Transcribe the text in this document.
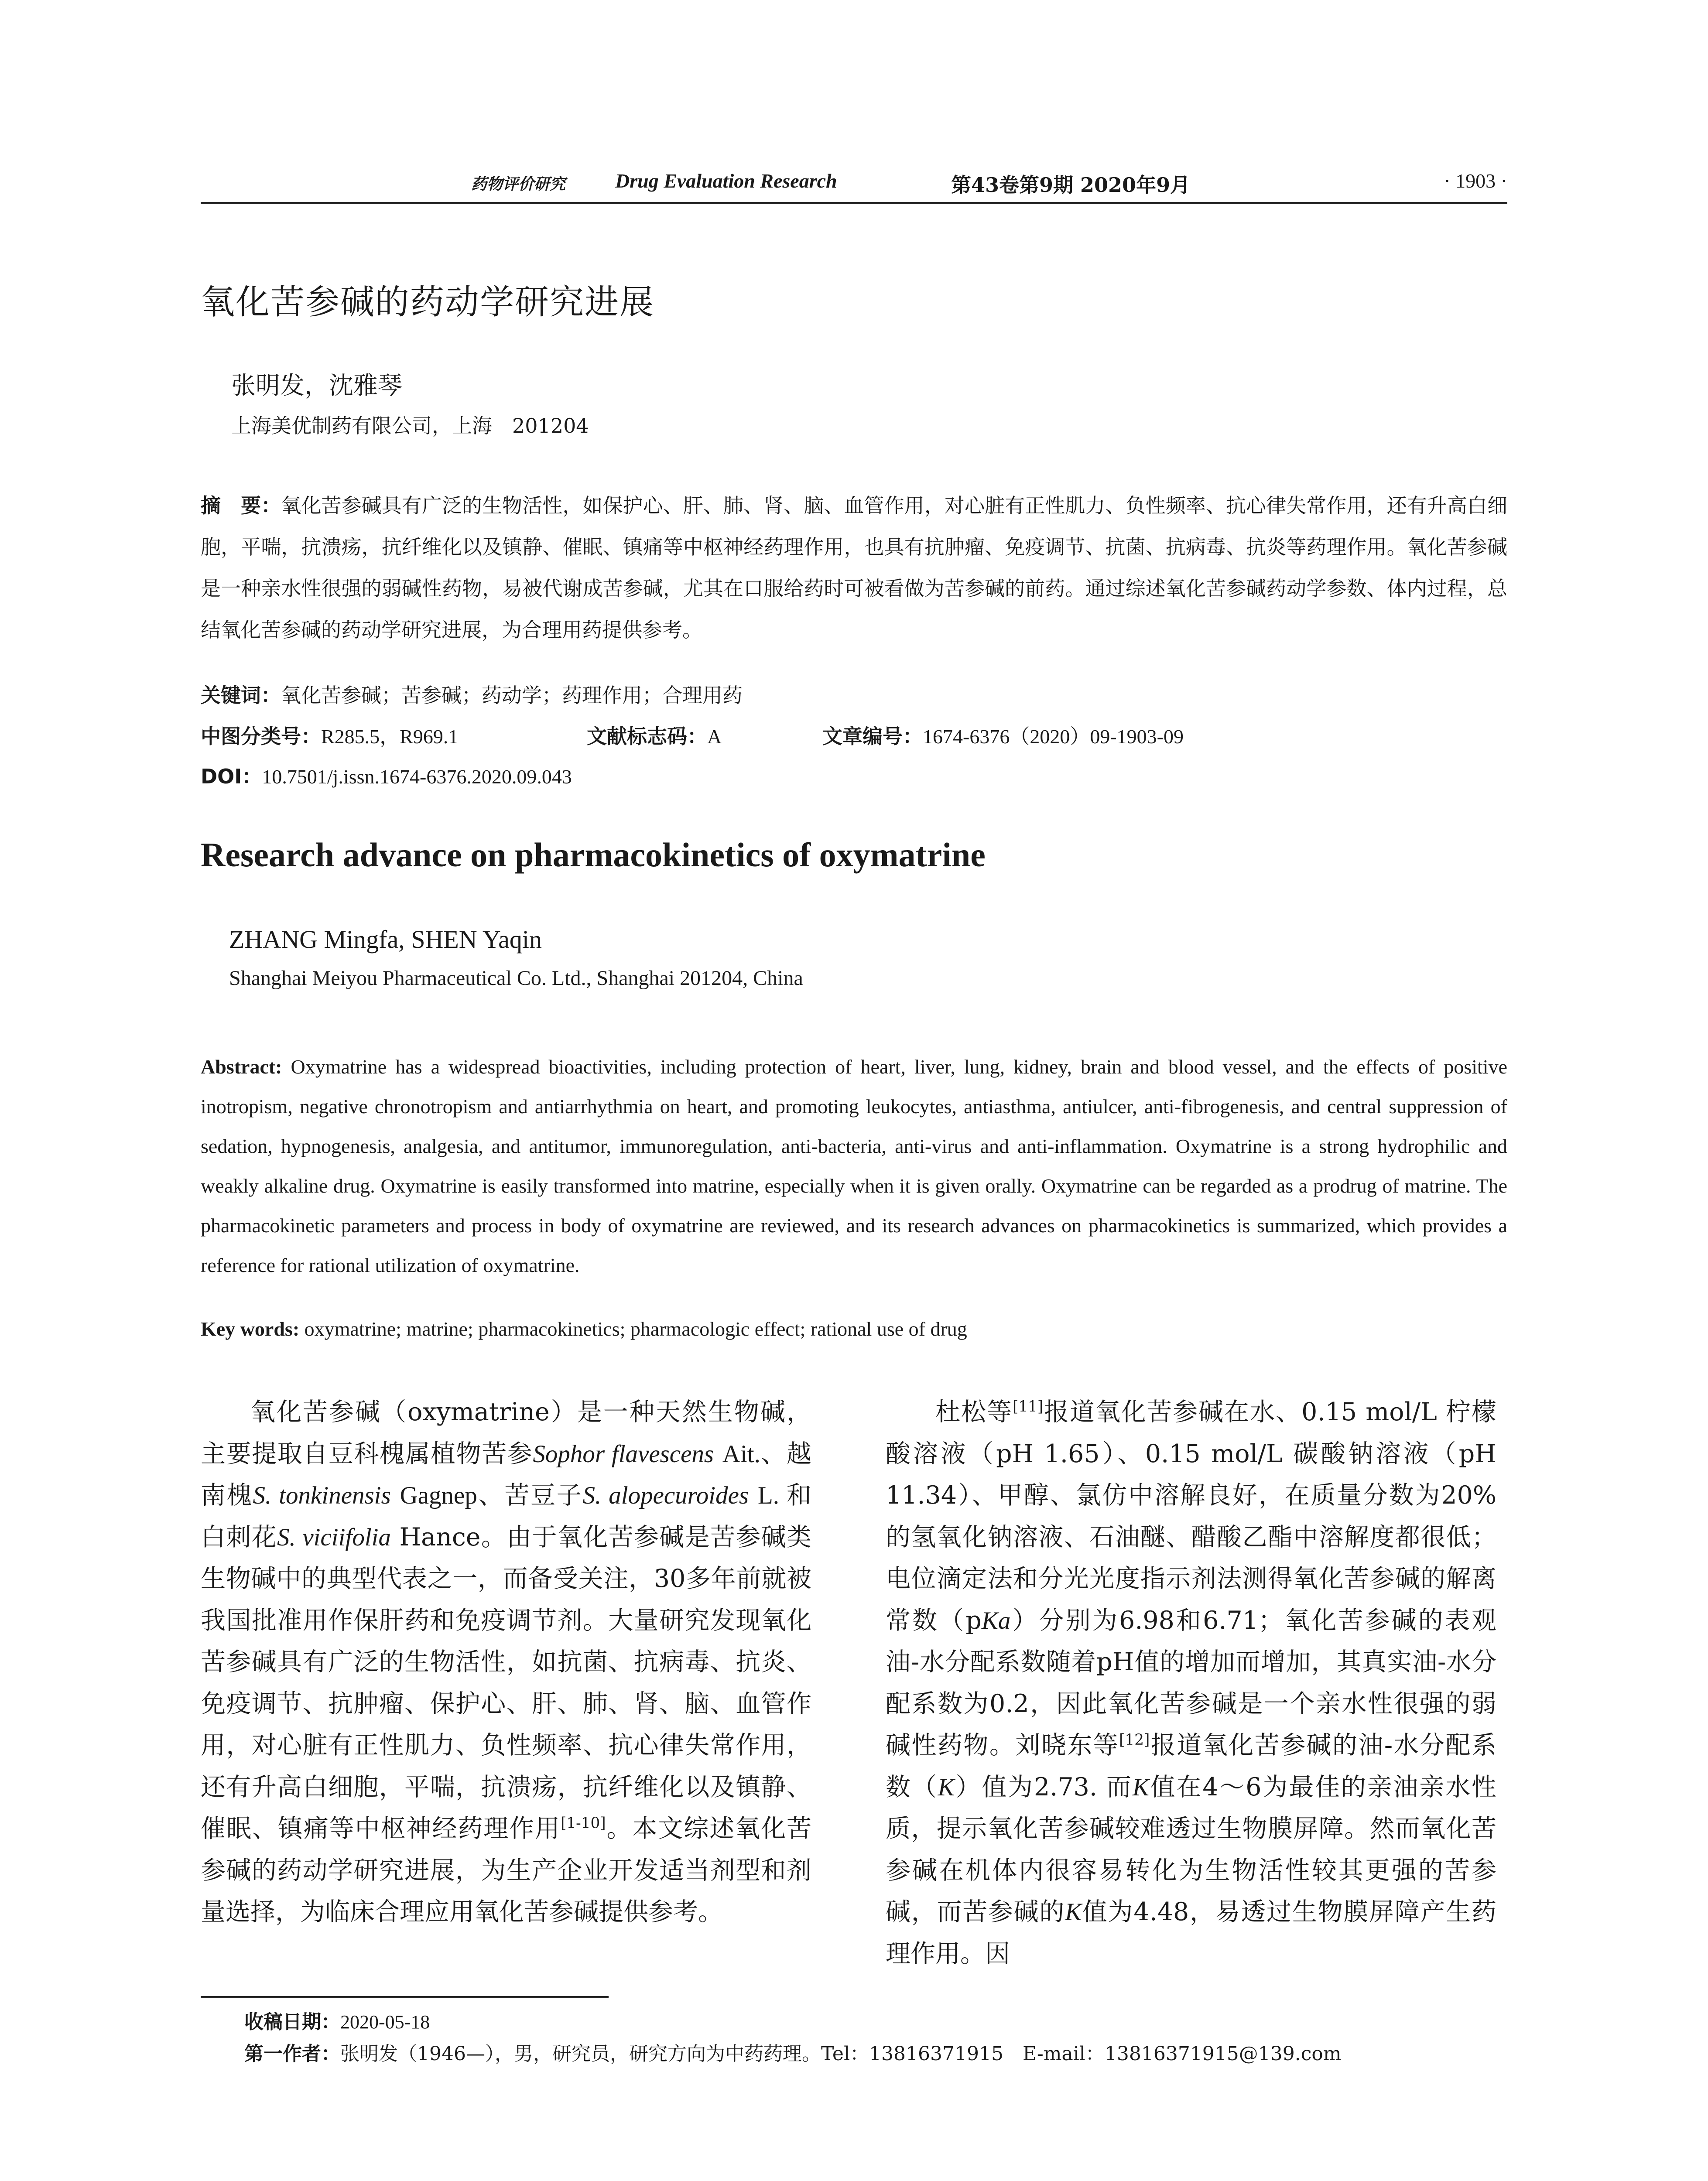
药物评价研究 Drug Evaluation Research	第43卷第9期 2020年9月	· 1903 ·
氧化苦参碱的药动学研究进展
张明发，沈雅琴
上海美优制药有限公司，上海　201204
摘　要：氧化苦参碱具有广泛的生物活性，如保护心、肝、肺、肾、脑、血管作用，对心脏有正性肌力、负性频率、抗心律失常作用，还有升高白细胞，平喘，抗溃疡，抗纤维化以及镇静、催眠、镇痛等中枢神经药理作用，也具有抗肿瘤、免疫调节、抗菌、抗病毒、抗炎等药理作用。氧化苦参碱是一种亲水性很强的弱碱性药物，易被代谢成苦参碱，尤其在口服给药时可被看做为苦参碱的前药。通过综述氧化苦参碱药动学参数、体内过程，总结氧化苦参碱的药动学研究进展，为合理用药提供参考。
关键词：氧化苦参碱；苦参碱；药动学；药理作用；合理用药
中图分类号：R285.5，R969.1	文献标志码：A	文章编号：1674-6376（2020）09-1903-09
DOI：10.7501/j.issn.1674-6376.2020.09.043
Research advance on pharmacokinetics of oxymatrine
ZHANG Mingfa, SHEN Yaqin
Shanghai Meiyou Pharmaceutical Co. Ltd., Shanghai 201204, China
Abstract: Oxymatrine has a widespread bioactivities, including protection of heart, liver, lung, kidney, brain and blood vessel, and the effects of positive inotropism, negative chronotropism and antiarrhythmia on heart, and promoting leukocytes, antiasthma, antiulcer, anti-fibrogenesis, and central suppression of sedation, hypnogenesis, analgesia, and antitumor, immunoregulation, anti-bacteria, anti-virus and anti-inflammation. Oxymatrine is a strong hydrophilic and weakly alkaline drug. Oxymatrine is easily transformed into matrine, especially when it is given orally. Oxymatrine can be regarded as a prodrug of matrine. The pharmacokinetic parameters and process in body of oxymatrine are reviewed, and its research advances on pharmacokinetics is summarized, which provides a reference for rational utilization of oxymatrine.
Key words: oxymatrine; matrine; pharmacokinetics; pharmacologic effect; rational use of drug

氧化苦参碱（oxymatrine）是一种天然生物碱，主要提取自豆科槐属植物苦参Sophor flavescens Ait.、越南槐S. tonkinensis Gagnep、苦豆子S. alopecuroides L. 和白刺花S. viciifolia Hance。由于氧化苦参碱是苦参碱类生物碱中的典型代表之一，而备受关注，30多年前就被我国批准用作保肝药和免疫调节剂。大量研究发现氧化苦参碱具有广泛的生物活性，如抗菌、抗病毒、抗炎、免疫调节、抗肿瘤、保护心、肝、肺、肾、脑、血管作用，对心脏有正性肌力、负性频率、抗心律失常作用，还有升高白细胞，平喘，抗溃疡，抗纤维化以及镇静、催眠、镇痛等中枢神经药理作用[1-10]。本文综述氧化苦参碱的药动学研究进展，为生产企业开发适当剂型和剂量选择，为临床合理应用氧化苦参碱提供参考。

杜松等[11]报道氧化苦参碱在水、0.15 mol/L 柠檬酸溶液（pH 1.65）、0.15 mol/L 碳酸钠溶液（pH 11.34）、甲醇、氯仿中溶解良好，在质量分数为20%的氢氧化钠溶液、石油醚、醋酸乙酯中溶解度都很低；电位滴定法和分光光度指示剂法测得氧化苦参碱的解离常数（pKa）分别为6.98和6.71；氧化苦参碱的表观油-水分配系数随着pH值的增加而增加，其真实油-水分配系数为0.2，因此氧化苦参碱是一个亲水性很强的弱碱性药物。刘晓东等[12]报道氧化苦参碱的油-水分配系数（K）值为2.73. 而K值在4～6为最佳的亲油亲水性质，提示氧化苦参碱较难透过生物膜屏障。然而氧化苦参碱在机体内很容易转化为生物活性较其更强的苦参碱，而苦参碱的K值为4.48，易透过生物膜屏障产生药理作用。因

收稿日期：2020-05-18
第一作者：张明发（1946—），男，研究员，研究方向为中药药理。Tel：13816371915　E-mail：13816371915@139.com
